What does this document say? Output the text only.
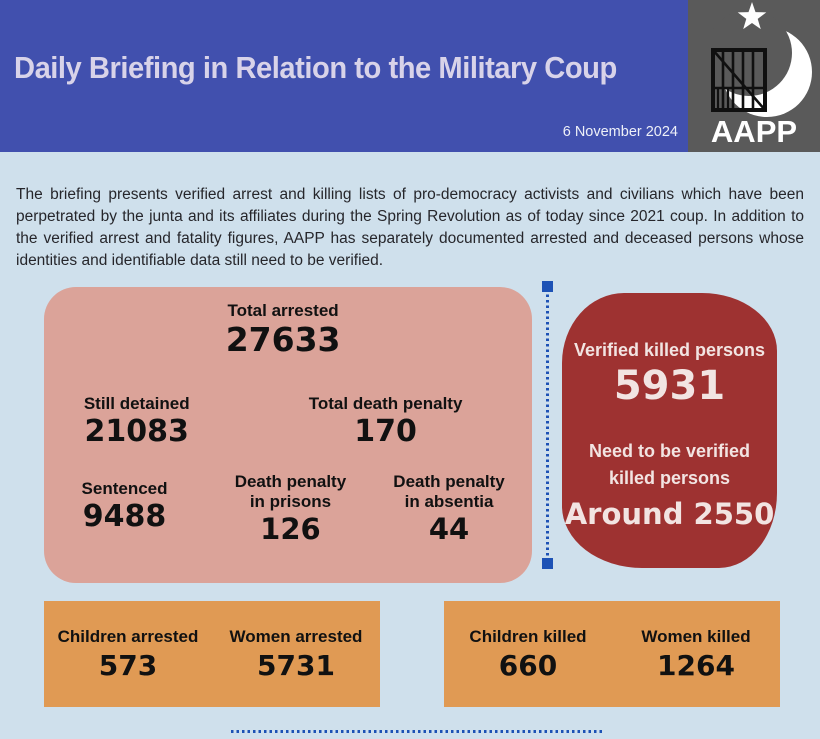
Daily Briefing in Relation to the Military Coup
6 November 2024 AAPP

The briefing presents verified arrest and killing lists of pro-democracy activists and civilians which have been perpetrated by the junta and its affiliates during the Spring Revolution as of today since 2021 coup. In addition to the verified arrest and fatality figures, AAPP has separately documented arrested and deceased persons whose identities and identifiable data still need to be verified.

Total arrested
27633
Still detained
21083
Total death penalty
170
Sentenced
9488
Death penalty
in prisons
126
Death penalty
in absentia
44
Verified killed persons
5931
Need to be verified
killed persons
Around 2550
Children arrested
573
Women arrested
5731
Children killed
660
Women killed
1264
